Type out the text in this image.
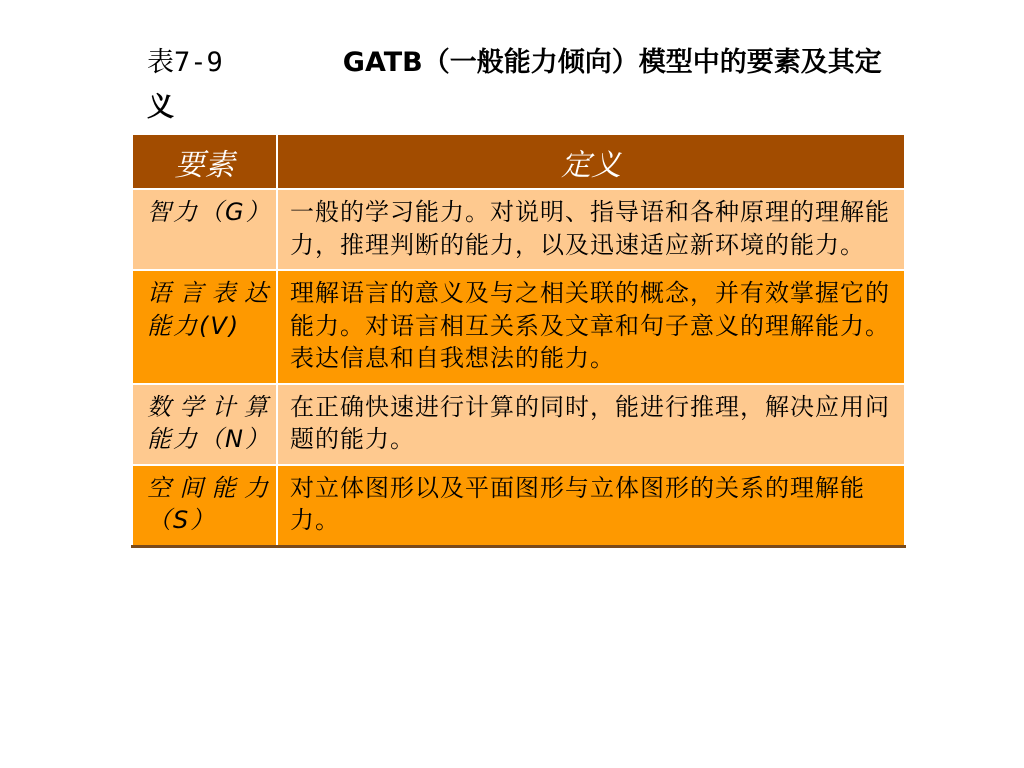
表7-9	GATB（一般能力倾向）模型中的要素及其定义
要素	定义
智力（G）	一般的学习能力。对说明、指导语和各种原理的理解能力，推理判断的能力，以及迅速适应新环境的能力。
语言表达能力(V)	理解语言的意义及与之相关联的概念，并有效掌握它的能力。对语言相互关系及文章和句子意义的理解能力。表达信息和自我想法的能力。
数学计算能力（N）	在正确快速进行计算的同时，能进行推理，解决应用问题的能力。
空间能力（S）	对立体图形以及平面图形与立体图形的关系的理解能力。
